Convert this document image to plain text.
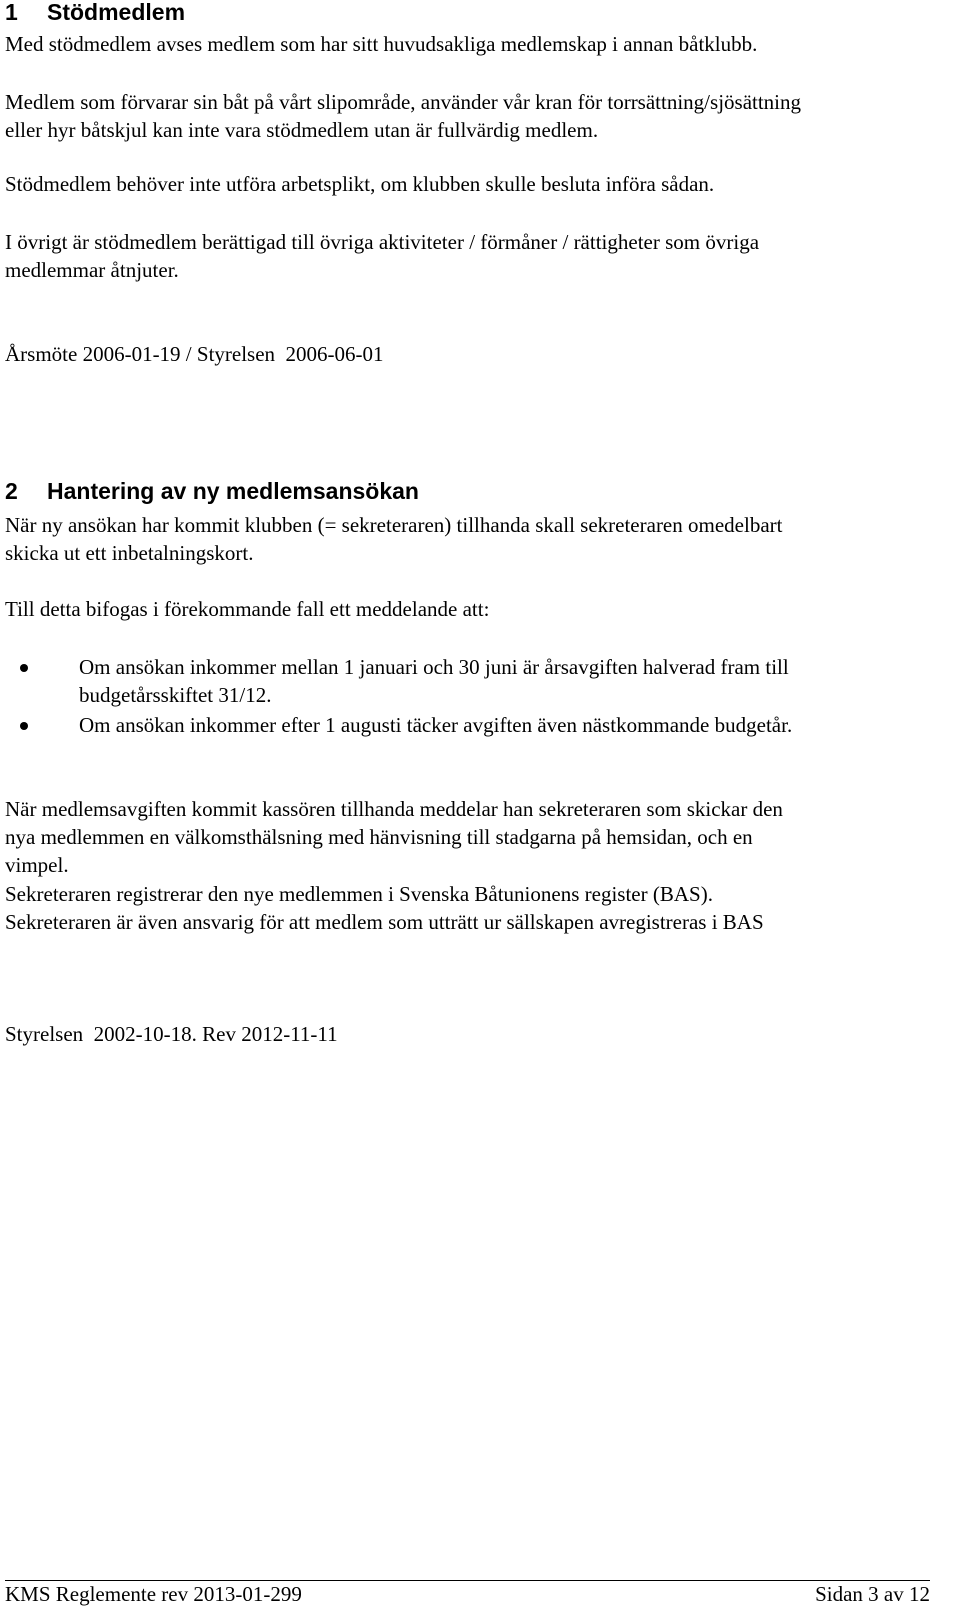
1 Stödmedlem

Med stödmedlem avses medlem som har sitt huvudsakliga medlemskap i annan båtklubb.

Medlem som förvarar sin båt på vårt slipområde, använder vår kran för torrsättning/sjösättning

eller hyr båtskjul kan inte vara stödmedlem utan är fullvärdig medlem.

Stödmedlem behöver inte utföra arbetsplikt, om klubben skulle besluta införa sådan.

I övrigt är stödmedlem berättigad till övriga aktiviteter / förmåner / rättigheter som övriga

medlemmar åtnjuter.

Årsmöte 2006-01-19 / Styrelsen  2006-06-01

2 Hantering av ny medlemsansökan

När ny ansökan har kommit klubben (= sekreteraren) tillhanda skall sekreteraren omedelbart

skicka ut ett inbetalningskort.

Till detta bifogas i förekommande fall ett meddelande att:

Om ansökan inkommer mellan 1 januari och 30 juni är årsavgiften halverad fram till

budgetårsskiftet 31/12.

Om ansökan inkommer efter 1 augusti täcker avgiften även nästkommande budgetår.

När medlemsavgiften kommit kassören tillhanda meddelar han sekreteraren som skickar den

nya medlemmen en välkomsthälsning med hänvisning till stadgarna på hemsidan, och en

vimpel.

Sekreteraren registrerar den nye medlemmen i Svenska Båtunionens register (BAS).

Sekreteraren är även ansvarig för att medlem som utträtt ur sällskapen avregistreras i BAS

Styrelsen  2002-10-18. Rev 2012-11-11

KMS Reglemente rev 2013-01-299	Sidan 3 av 12
